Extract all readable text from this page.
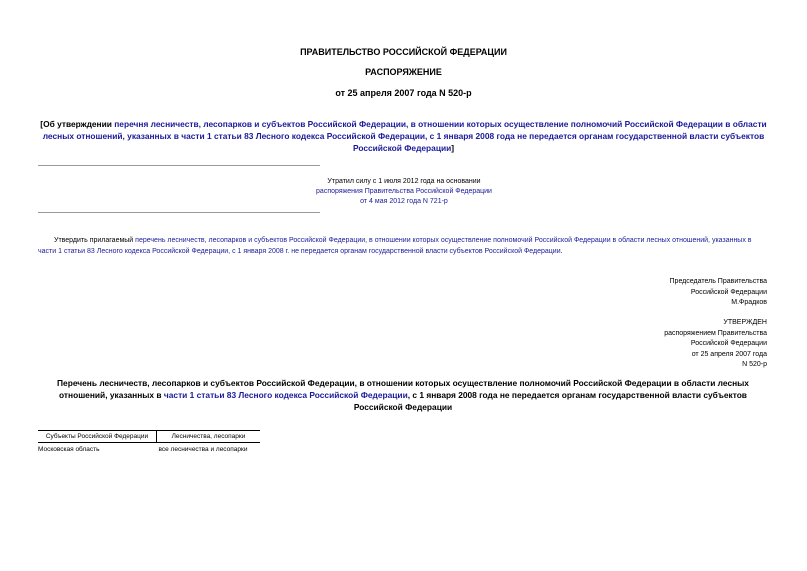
ПРАВИТЕЛЬСТВО РОССИЙСКОЙ ФЕДЕРАЦИИ
РАСПОРЯЖЕНИЕ
от 25 апреля 2007 года N 520-р
[Об утверждении перечня лесничеств, лесопарков и субъектов Российской Федерации, в отношении которых осуществление полномочий Российской Федерации в области лесных отношений, указанных в части 1 статьи 83 Лесного кодекса Российской Федерации, с 1 января 2008 года не передается органам государственной власти субъектов Российской Федерации]
Утратил силу с 1 июля 2012 года на основании
распоряжения Правительства Российской Федерации
от 4 мая 2012 года N 721-р
Утвердить прилагаемый перечень лесничеств, лесопарков и субъектов Российской Федерации, в отношении которых осуществление полномочий Российской Федерации в области лесных отношений, указанных в части 1 статьи 83 Лесного кодекса Российской Федерации, с 1 января 2008 г. не передается органам государственной власти субъектов Российской Федерации.
Председатель Правительства
Российской Федерации
М.Фрадков
УТВЕРЖДЕН
распоряжением Правительства
Российской Федерации
от 25 апреля 2007 года
N 520-р
Перечень лесничеств, лесопарков и субъектов Российской Федерации, в отношении которых осуществление полномочий Российской Федерации в области лесных отношений, указанных в части 1 статьи 83 Лесного кодекса Российской Федерации, с 1 января 2008 года не передается органам государственной власти субъектов Российской Федерации
Субъекты Российской Федерации	Лесничества, лесопарки
Московская область	все лесничества и лесопарки
